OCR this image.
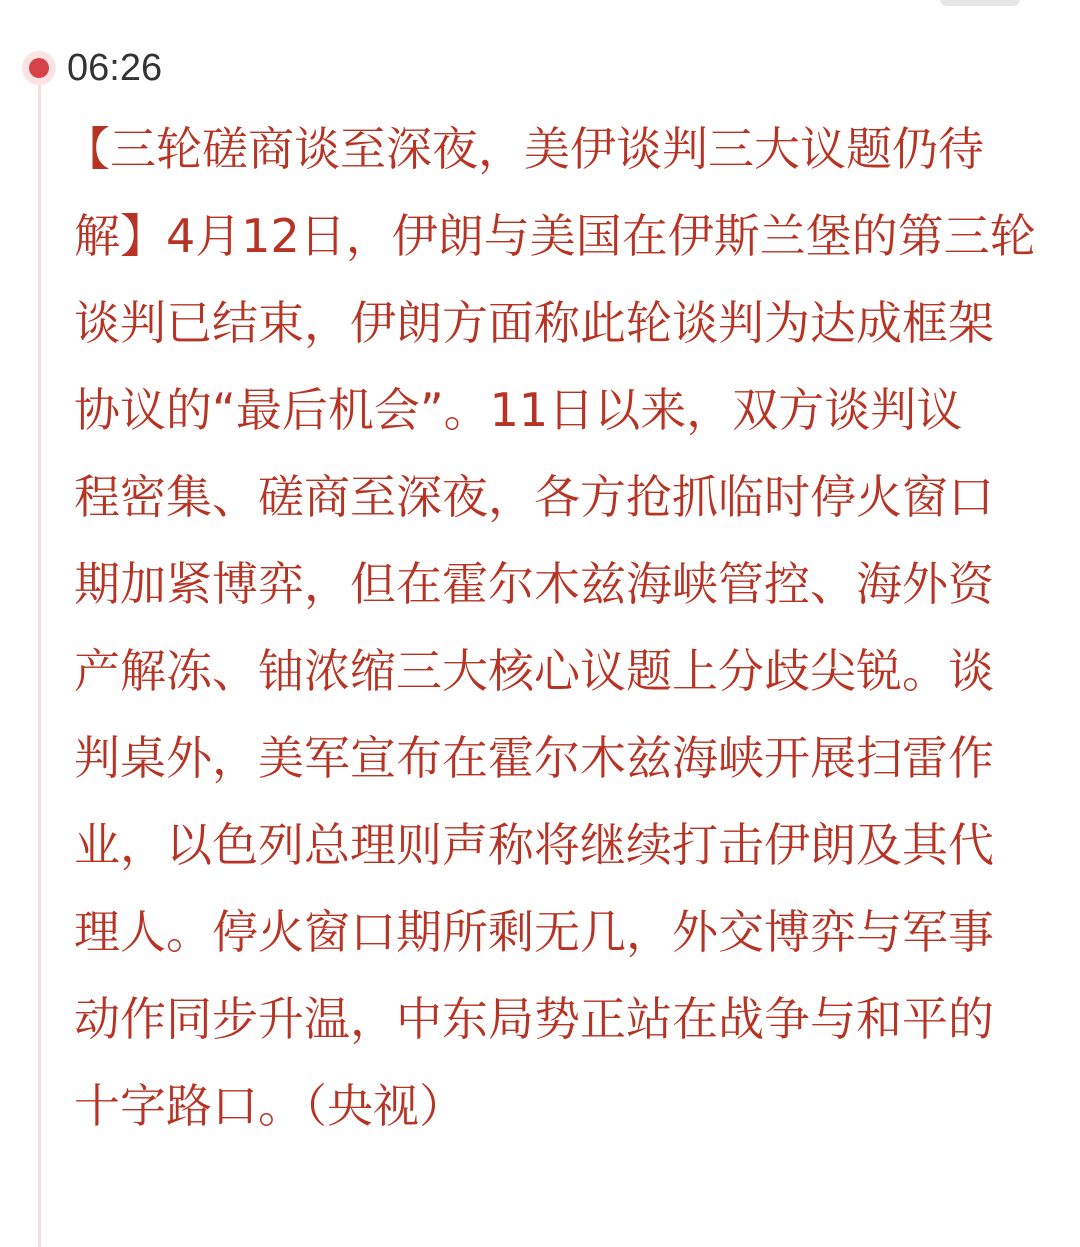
06:26
【三轮磋商谈至深夜，美伊谈判三大议题仍待
解】4月12日，伊朗与美国在伊斯兰堡的第三轮
谈判已结束，伊朗方面称此轮谈判为达成框架
协议的“最后机会”。11日以来，双方谈判议
程密集、磋商至深夜，各方抢抓临时停火窗口
期加紧博弈，但在霍尔木兹海峡管控、海外资
产解冻、铀浓缩三大核心议题上分歧尖锐。谈
判桌外，美军宣布在霍尔木兹海峡开展扫雷作
业，以色列总理则声称将继续打击伊朗及其代
理人。停火窗口期所剩无几，外交博弈与军事
动作同步升温，中东局势正站在战争与和平的
十字路口。（央视）
